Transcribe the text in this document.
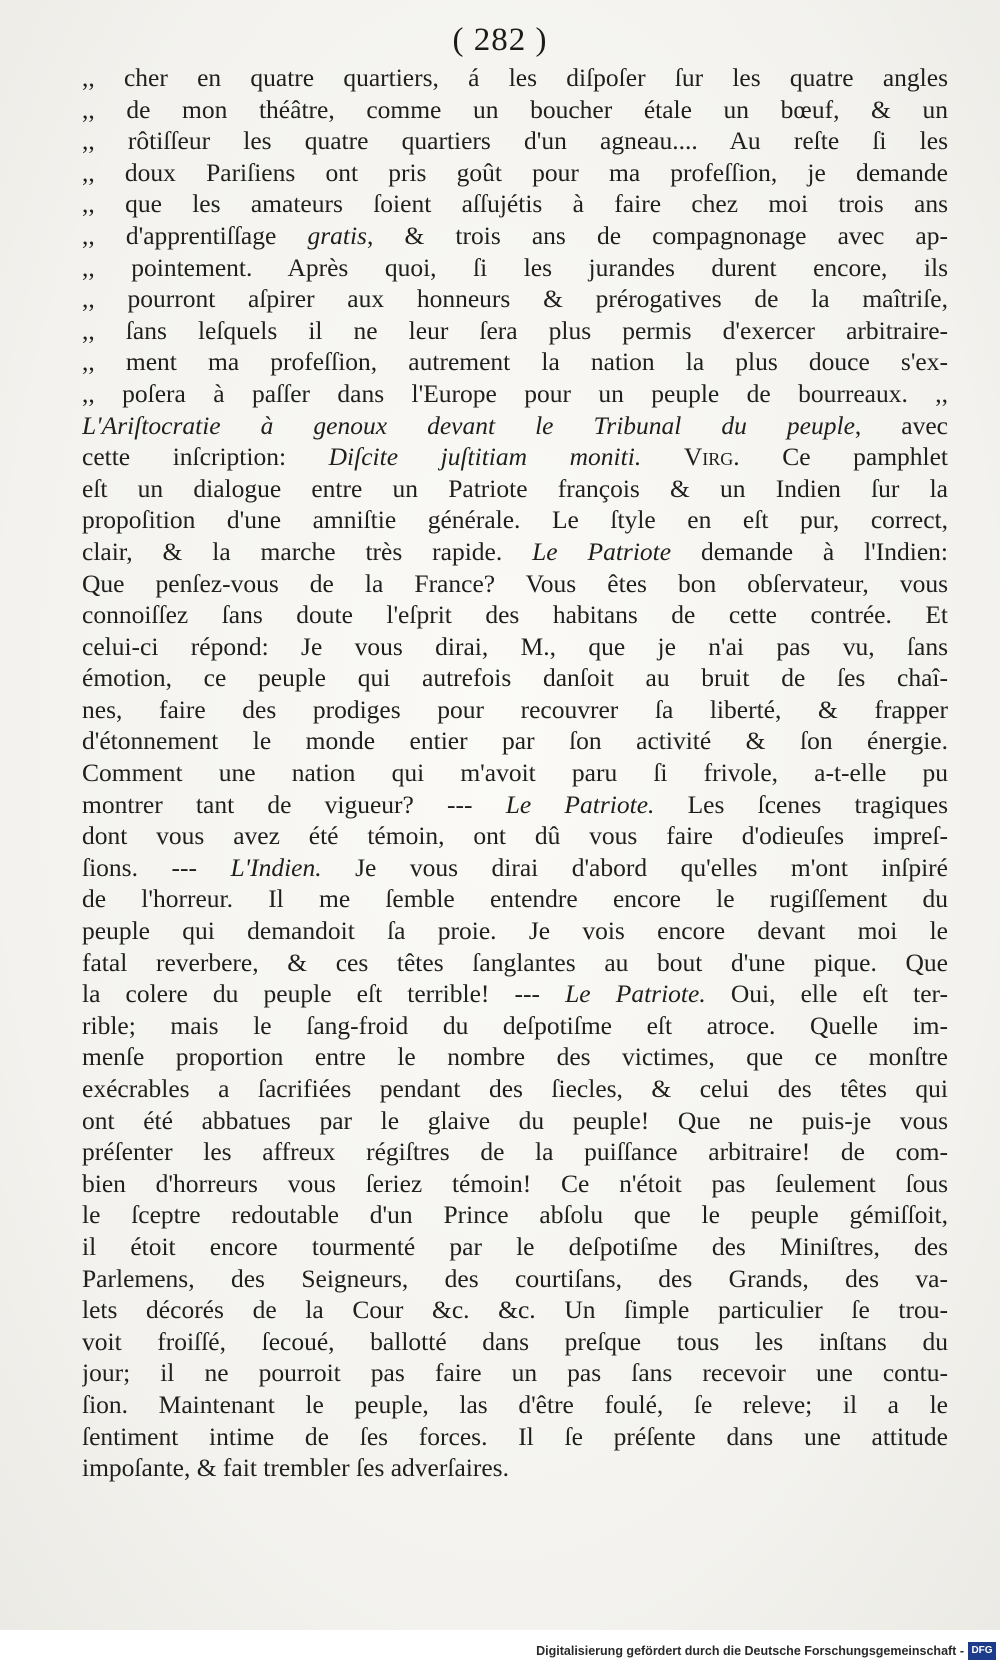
( 282 )
,, cher en quatre quartiers, á les diſpoſer ſur les quatre angles
,, de mon théâtre, comme un boucher étale un bœuf, & un
,, rôtiſſeur les quatre quartiers d'un agneau.... Au reſte ſi les
,, doux Pariſiens ont pris goût pour ma profeſſion, je demande
,, que les amateurs ſoient aſſujétis à faire chez moi trois ans
,, d'apprentiſſage gratis, & trois ans de compagnonage avec ap-
,, pointement. Après quoi, ſi les jurandes durent encore, ils
,, pourront aſpirer aux honneurs & prérogatives de la maîtriſe,
,, ſans leſquels il ne leur ſera plus permis d'exercer arbitraire-
,, ment ma profeſſion, autrement la nation la plus douce s'ex-
,, poſera à paſſer dans l'Europe pour un peuple de bourreaux. ,,
L'Ariſtocratie à genoux devant le Tribunal du peuple, avec
cette inſcription: Diſcite juſtitiam moniti. Virg. Ce pamphlet
eſt un dialogue entre un Patriote françois & un Indien ſur la
propoſition d'une amniſtie générale. Le ſtyle en eſt pur, correct,
clair, & la marche très rapide. Le Patriote demande à l'Indien:
Que penſez-vous de la France? Vous êtes bon obſervateur, vous
connoiſſez ſans doute l'eſprit des habitans de cette contrée. Et
celui-ci répond: Je vous dirai, M., que je n'ai pas vu, ſans
émotion, ce peuple qui autrefois danſoit au bruit de ſes chaî-
nes, faire des prodiges pour recouvrer ſa liberté, & frapper
d'étonnement le monde entier par ſon activité & ſon énergie.
Comment une nation qui m'avoit paru ſi frivole, a-t-elle pu
montrer tant de vigueur? --- Le Patriote. Les ſcenes tragiques
dont vous avez été témoin, ont dû vous faire d'odieuſes impreſ-
ſions. --- L'Indien. Je vous dirai d'abord qu'elles m'ont inſpiré
de l'horreur. Il me ſemble entendre encore le rugiſſement du
peuple qui demandoit ſa proie. Je vois encore devant moi le
fatal reverbere, & ces têtes ſanglantes au bout d'une pique. Que
la colere du peuple eſt terrible! --- Le Patriote. Oui, elle eſt ter-
rible; mais le ſang-froid du deſpotiſme eſt atroce. Quelle im-
menſe proportion entre le nombre des victimes, que ce monſtre
exécrables a ſacrifiées pendant des ſiecles, & celui des têtes qui
ont été abbatues par le glaive du peuple! Que ne puis-je vous
préſenter les affreux régiſtres de la puiſſance arbitraire! de com-
bien d'horreurs vous ſeriez témoin! Ce n'étoit pas ſeulement ſous
le ſceptre redoutable d'un Prince abſolu que le peuple gémiſſoit,
il étoit encore tourmenté par le deſpotiſme des Miniſtres, des
Parlemens, des Seigneurs, des courtiſans, des Grands, des va-
lets décorés de la Cour &c. &c. Un ſimple particulier ſe trou-
voit froiſſé, ſecoué, ballotté dans preſque tous les inſtans du
jour; il ne pourroit pas faire un pas ſans recevoir une contu-
ſion. Maintenant le peuple, las d'être foulé, ſe releve; il a le
ſentiment intime de ſes forces. Il ſe préſente dans une attitude
impoſante, & fait trembler ſes adverſaires.
Digitalisierung gefördert durch die Deutsche Forschungsgemeinschaft - DFG
